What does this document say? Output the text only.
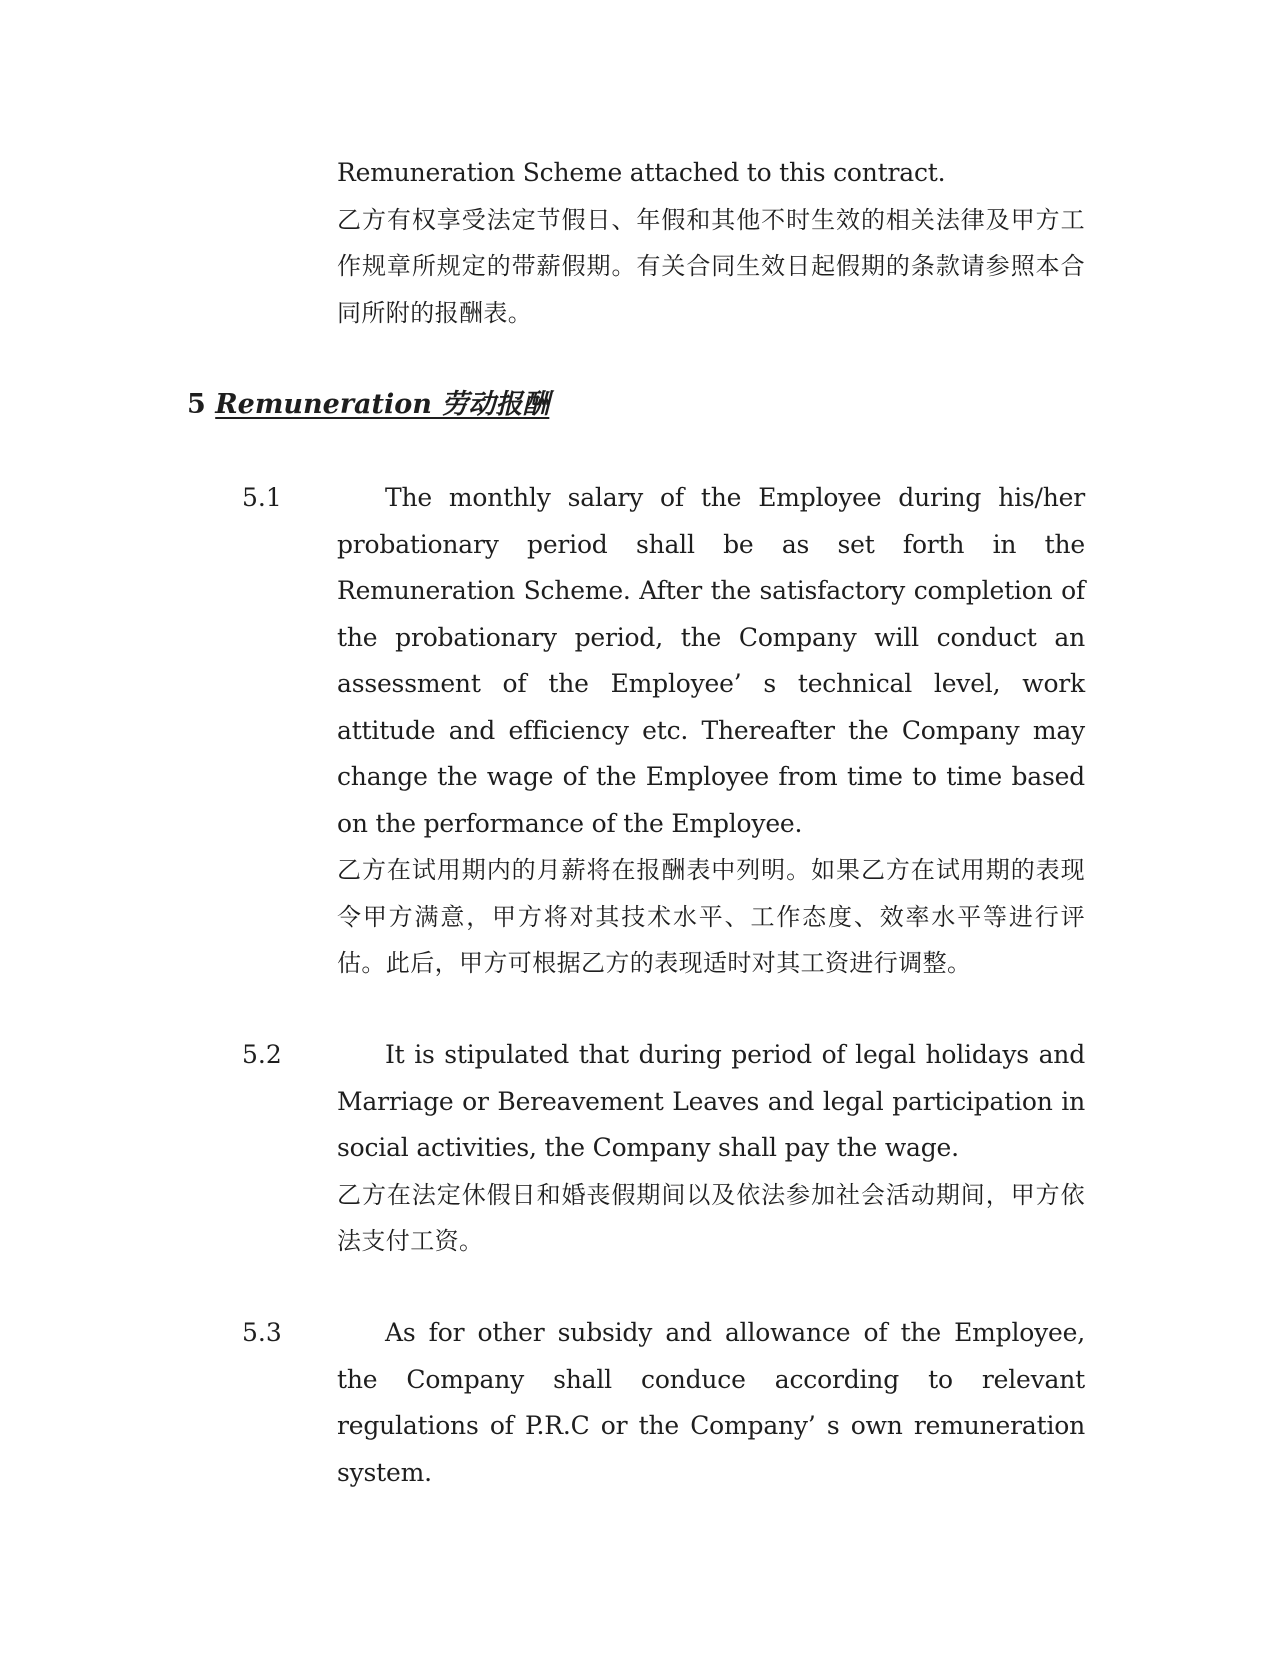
Remuneration Scheme attached to this contract.

乙方有权享受法定节假日、年假和其他不时生效的相关法律及甲方工作规章所规定的带薪假期。有关合同生效日起假期的条款请参照本合同所附的报酬表。

5 Remuneration 劳动报酬
5.1	The monthly salary of the Employee during his/her probationary period shall be as set forth in the Remuneration Scheme. After the satisfactory completion of the probationary period, the Company will conduct an assessment of the Employee’ s technical level, work attitude and efficiency etc. Thereafter the Company may change the wage of the Employee from time to time based on the performance of the Employee.

乙方在试用期内的月薪将在报酬表中列明。如果乙方在试用期的表现令甲方满意，甲方将对其技术水平、工作态度、效率水平等进行评估。此后，甲方可根据乙方的表现适时对其工资进行调整。

5.2	It is stipulated that during period of legal holidays and Marriage or Bereavement Leaves and legal participation in social activities, the Company shall pay the wage.

乙方在法定休假日和婚丧假期间以及依法参加社会活动期间，甲方依法支付工资。

5.3	As for other subsidy and allowance of the Employee, the Company shall conduce according to relevant regulations of P.R.C or the Company’ s own remuneration system.
